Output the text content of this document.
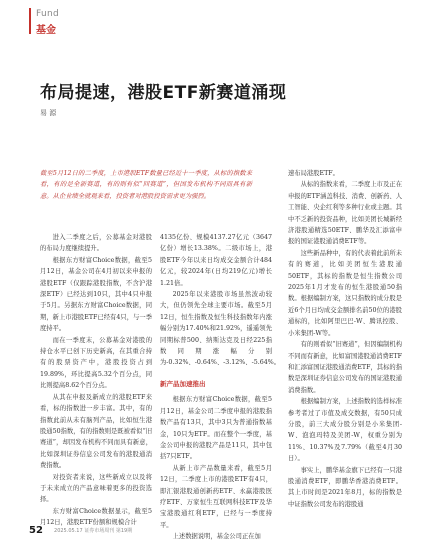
Fund
基金
布局提速，港股ETF新赛道涌现
易 源
截至5月12日的二季度，上市港股ETF数量已经近十一季度，从标的指数来看，有的是全新赛道，有的则有似“回赛道”，但国发布机构不同而具有新意。从企业绩全就观来看，投资者对港股投资需求更为强烈。

进入二季度之后，公募基金对港股的布局力度继续提升。

根据东方财富Choice数据，截至5月12日，基金公司在4月初以来申报的港股ETF（仅跟踪港股指数，不含沪港深ETF）已经达到10只，其中4只申报于5月。另据东方财富Choice数据，同期，新上市港股ETF已经有4只，与一季度持平。

而在一季度末，公募基金对港股的持仓水平已创下历史新高，在其重合持有的股票资产中，港股投资占到19.89%，环比提高5.32个百分点，同比则提高8.62个百分点。

从其在申报及新成立的港股ETF来看，标的指数进一步丰富。其中，有的指数此前从未有脑列产品，比如恒生港股通50指数，有的指数则是既被看似“旧赛道”，却因发布机构不同而具有新意，比如深圳证券信息公司发布的港股通消费指数。

对投资者来说，这些新成立以及将于未来成立的产品意味着更多的投资选择。

东方财富Choice数据显示，截至5月12日，港股ETF份额和规模合计

4135亿份、规模4137.27亿元（3647亿份）增长13.38%。二级市场上，港股ETF今年以来日均成交金额合计484亿元，较2024年(日均219亿元)增长1.21倍。

2025年以来港股市场虽然波动较大，但仍领先全球主要市场。截至5月12日，恒生指数及恒生科技指数年内涨幅分别为17.40%和21.92%，遥遥领先同期标普500、纳斯达克及日经225指数同期涨幅分别为-0.32%、-0.64%、-3.12%、-5.64%。

新产品加速推出

根据东方财富Choice数据，截至5月12日，基金公司二季度申报的港股指数产品有13只，其中3只为普通指数基金，10只为ETF。而在整个一季度，基金公司申报的港股产品是11只，其中包括7只ETF。

从新上市产品数量来看，截至5月12日，二季度上市的港股ETF有4只，即汇银港股通创新药ETF、永赢港股医疗ETF、万家恒生互联网科技ETF及华宝港股通红利ETF，已经与一季度持平。

上述数据说明，基金公司正在加

速布局港股ETF。

从标的指数来看，二季度上市及正在申报的ETF涵盖科技、消费、创新药、人工智能、央企红利等多种行业或主题。其中不乏新的投资品种，比如美团长城新经济港股通精选50ETF、鹏华及汇添富申报的国证港股通消费ETF等。

这些新品种中，有的代表着此前所未有的赛道，比如美团恒生港股通50ETF，其标的指数是恒生指数公司2025年1月才发布的恒生港股通50指数。根据编制方案，这只指数的成分股是近6个月日均成交金额排名前50位的港股通标的，比如阿里巴巴-W、腾讯控股、小米集团-W等。

有的则看似“旧赛道”，但因编制机构不同而有新意，比如富国港股通消费ETF和汇添富国证港股通消费ETF，其标的指数是深圳证券信息公司发布的国证港股通消费指数。

根据编制方案，上述指数的选样标准参考者过了市值及成交数据，有50只成分股，前三大成分股分别是小米集团-W、泡泡玛特及美团-W，权重分别为11%、10.37%及7.79%（截至4月30日）。

事实上，鹏华基金旗下已经有一只港股通消费ETF，即鹏华香港消费ETF。其上市时间是2021年8月，标的指数是中证指数公司发布的港股通

52 2025.05.17 证券市场周刊 第19期
